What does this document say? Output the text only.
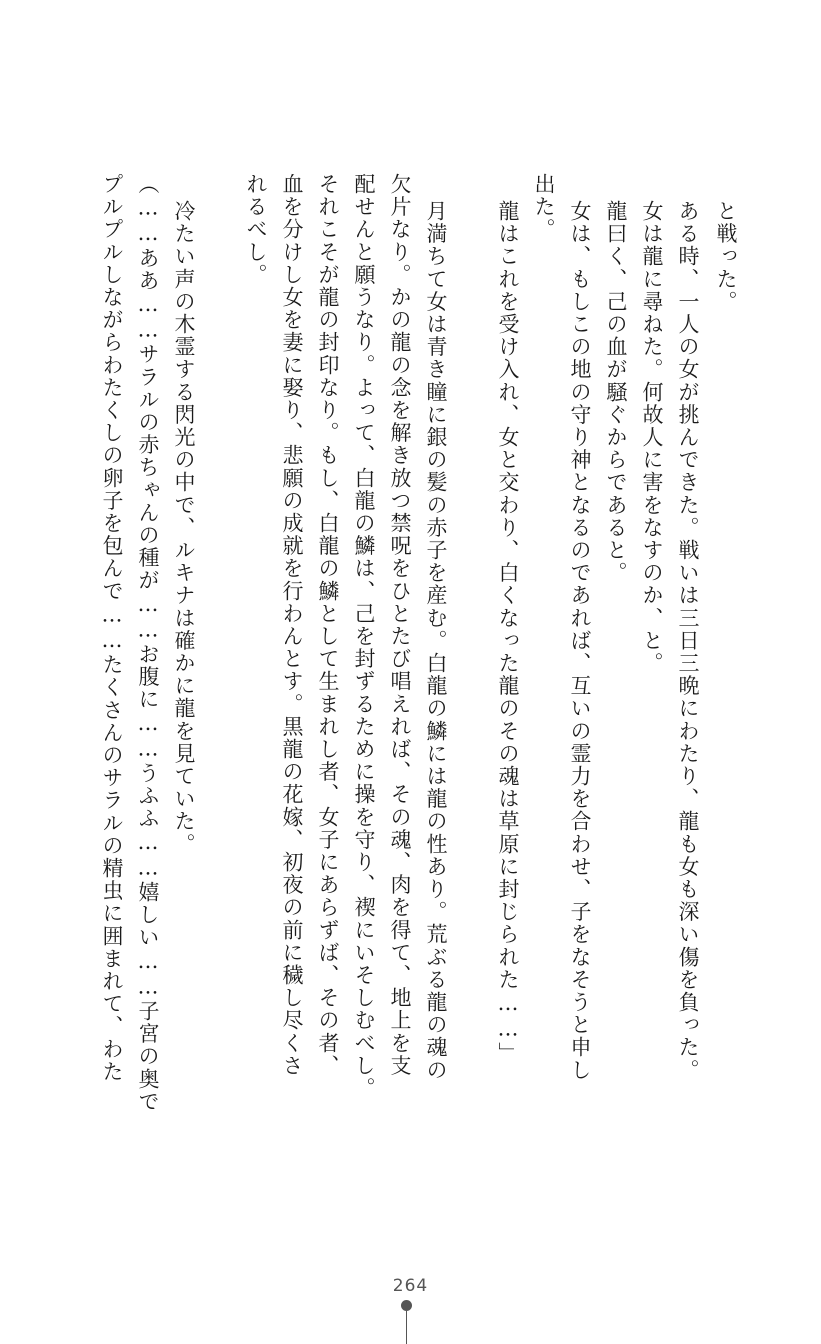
と戦った。

ある時、一人の女が挑んできた。戦いは三日三晩にわたり、龍も女も深い傷を負った。

女は龍に尋ねた。何故人に害をなすのか、と。

龍曰く、己の血が騒ぐからであると。

女は、もしこの地の守り神となるのであれば、互いの霊力を合わせ、子をなそうと申し

出た。

龍はこれを受け入れ、女と交わり、白くなった龍のその魂は草原に封じられた……」

月満ちて女は青き瞳に銀の髪の赤子を産む。白龍の鱗には龍の性あり。荒ぶる龍の魂の

欠片なり。かの龍の念を解き放つ禁呪をひとたび唱えれば、その魂、肉を得て、地上を支

配せんと願うなり。よって、白龍の鱗は、己を封ずるために操を守り、禊にいそしむべし。

それこそが龍の封印なり。もし、白龍の鱗として生まれし者、女子にあらずば、その者、

血を分けし女を妻に娶り、悲願の成就を行わんとす。黒龍の花嫁、初夜の前に穢し尽くさ

れるべし。

冷たい声の木霊する閃光の中で、ルキナは確かに龍を見ていた。

（……ああ……サラルの赤ちゃんの種が……お腹に……うふふ……嬉しい……子宮の奥で

プルプルしながらわたくしの卵子を包んで……たくさんのサラルの精虫に囲まれて、わた

264
